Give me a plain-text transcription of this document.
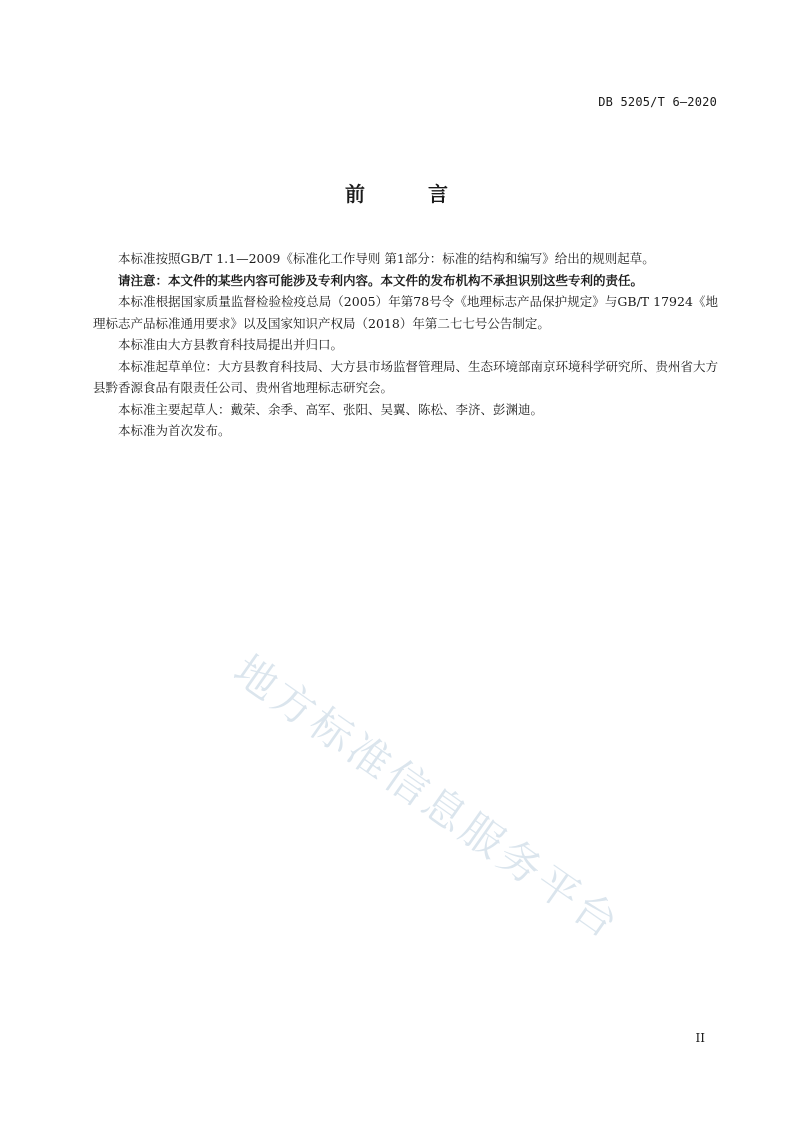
DB 5205/T 6—2020
前 言

本标准按照GB/T 1.1—2009《标准化工作导则 第1部分：标准的结构和编写》给出的规则起草。

请注意：本文件的某些内容可能涉及专利内容。本文件的发布机构不承担识别这些专利的责任。

本标准根据国家质量监督检验检疫总局（2005）年第78号令《地理标志产品保护规定》与GB/T 17924《地理标志产品标准通用要求》以及国家知识产权局（2018）年第二七七号公告制定。

本标准由大方县教育科技局提出并归口。

本标准起草单位：大方县教育科技局、大方县市场监督管理局、生态环境部南京环境科学研究所、贵州省大方县黔香源食品有限责任公司、贵州省地理标志研究会。

本标准主要起草人：戴荣、余季、高军、张阳、吴翼、陈松、李济、彭渊迪。

本标准为首次发布。

地方标准信息服务平台
II
